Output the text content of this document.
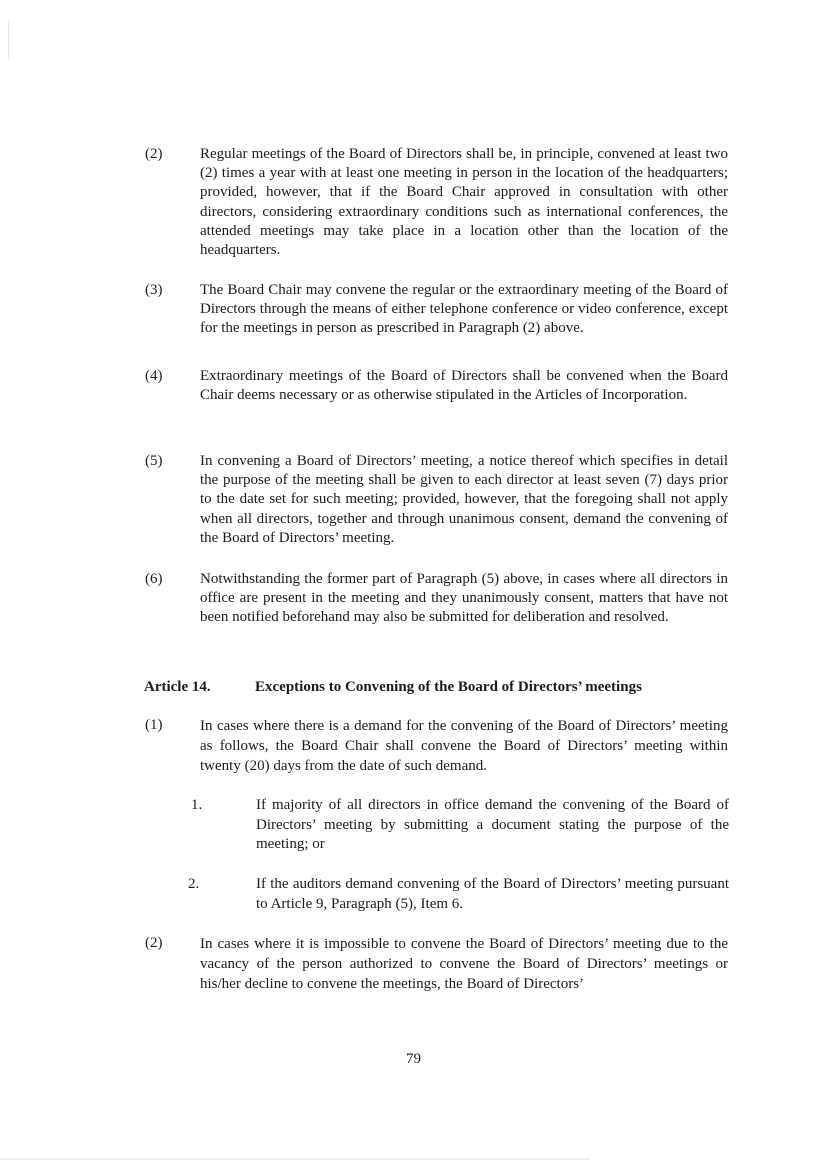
(2)	Regular meetings of the Board of Directors shall be, in principle, convened at least two (2) times a year with at least one meeting in person in the location of the headquarters; provided, however, that if the Board Chair approved in consultation with other directors, considering extraordinary conditions such as international conferences, the attended meetings may take place in a location other than the location of the headquarters.
(3)	The Board Chair may convene the regular or the extraordinary meeting of the Board of Directors through the means of either telephone conference or video conference, except for the meetings in person as prescribed in Paragraph (2) above.
(4)	Extraordinary meetings of the Board of Directors shall be convened when the Board Chair deems necessary or as otherwise stipulated in the Articles of Incorporation.
(5)	In convening a Board of Directors’ meeting, a notice thereof which specifies in detail the purpose of the meeting shall be given to each director at least seven (7) days prior to the date set for such meeting; provided, however, that the foregoing shall not apply when all directors, together and through unanimous consent, demand the convening of the Board of Directors’ meeting.
(6)	Notwithstanding the former part of Paragraph (5) above, in cases where all directors in office are present in the meeting and they unanimously consent, matters that have not been notified beforehand may also be submitted for deliberation and resolved.
Article 14.	Exceptions to Convening of the Board of Directors’ meetings
(1)	In cases where there is a demand for the convening of the Board of Directors’ meeting as follows, the Board Chair shall convene the Board of Directors’ meeting within twenty (20) days from the date of such demand.
1.	If majority of all directors in office demand the convening of the Board of Directors’ meeting by submitting a document stating the purpose of the meeting; or
2.	If the auditors demand convening of the Board of Directors’ meeting pursuant to Article 9, Paragraph (5), Item 6.
(2)	In cases where it is impossible to convene the Board of Directors’ meeting due to the vacancy of the person authorized to convene the Board of Directors’ meetings or his/her decline to convene the meetings, the Board of Directors’
79
